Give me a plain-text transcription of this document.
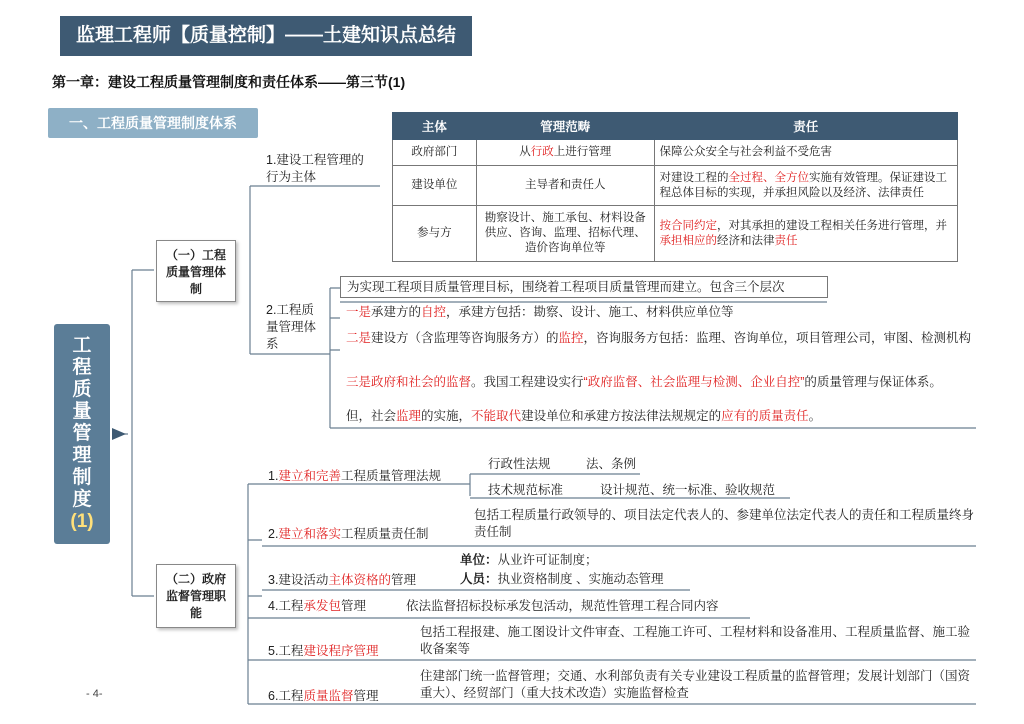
监理工程师【质量控制】——土建知识点总结
第一章：建设工程质量管理制度和责任体系——第三节(1)
一、工程质量管理制度体系
工
程
质
量
管
理
制
度
(1)
（一）工程质量管理体制
1.建设工程管理的行为主体
2.工程质量管理体系
主体	管理范畴	责任
政府部门	从行政上进行管理	保障公众安全与社会利益不受危害
建设单位	主导者和责任人	对建设工程的全过程、全方位实施有效管理。保证建设工程总体目标的实现，并承担风险以及经济、法律责任
参与方	勘察设计、施工承包、材料设备供应、咨询、监理、招标代理、造价咨询单位等	按合同约定，对其承担的建设工程相关任务进行管理，并承担相应的经济和法律责任
为实现工程项目质量管理目标，围绕着工程项目质量管理而建立。包含三个层次
一是承建方的自控，承建方包括：勘察、设计、施工、材料供应单位等
二是建设方（含监理等咨询服务方）的监控，咨询服务方包括：监理、咨询单位，项目管理公司，审图、检测机构
三是政府和社会的监督。我国工程建设实行“政府监督、社会监理与检测、企业自控”的质量管理与保证体系。
但，社会监理的实施，不能取代建设单位和承建方按法律法规规定的应有的质量责任。
（二）政府监督管理职能
1.建立和完善工程质量管理法规
行政性法规	法、条例
技术规范标准	设计规范、统一标准、验收规范
2.建立和落实工程质量责任制
包括工程质量行政领导的、项目法定代表人的、参建单位法定代表人的责任和工程质量终身责任制
3.建设活动主体资格的管理
单位：从业许可证制度；
人员：执业资格制度 、实施动态管理
4.工程承发包管理	依法监督招标投标承发包活动，规范性管理工程合同内容
5.工程建设程序管理
包括工程报建、施工图设计文件审查、工程施工许可、工程材料和设备准用、工程质量监督、施工验收备案等
6.工程质量监督管理
住建部门统一监督管理；交通、水利部负责有关专业建设工程质量的监督管理；发展计划部门（国资重大）、经贸部门（重大技术改造）实施监督检查
- 4-
